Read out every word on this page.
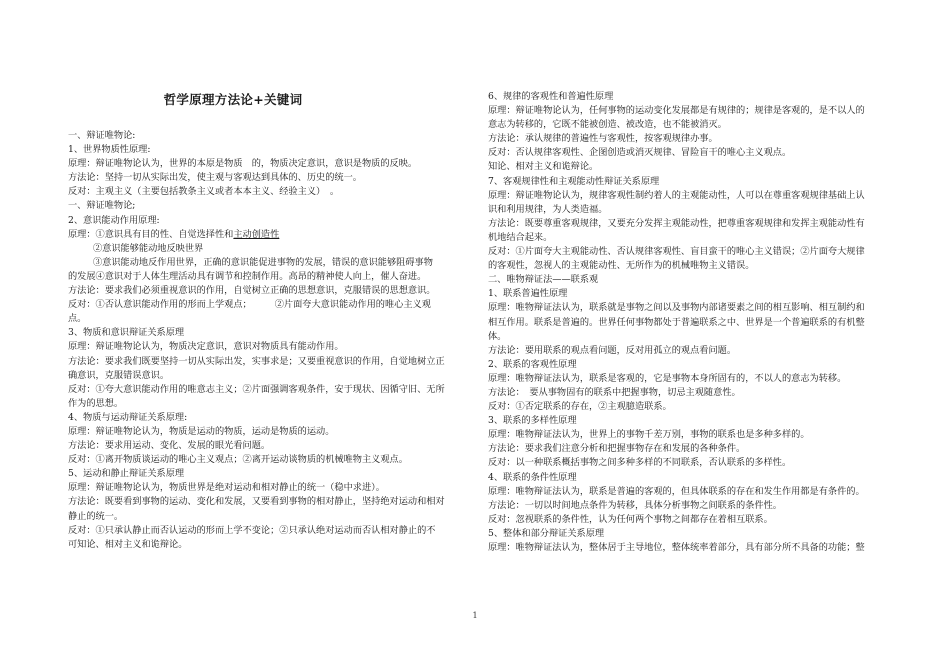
哲学原理方法论+关键词
一、辩证唯物论:
1、世界物质性原理:
原理：辩证唯物论认为，世界的本原是物质　的，物质决定意识，意识是物质的反映。
方法论：坚持一切从实际出发，使主观与客观达到具体的、历史的统一。
反对：主观主义（主要包括教条主义或者本本主义、经验主义）　。
一、辩证唯物论;
2、意识能动作用原理:
原理：①意识具有目的性、自觉选择性和主动创造性
②意识能够能动地反映世界
③意识能动地反作用世界，正确的意识能促进事物的发展，错误的意识能够阻碍事物
的发展④意识对于人体生理活动具有调节和控制作用。高昂的精神使人向上，催人奋进。
方法论：要求我们必须重视意识的作用，自觉树立正确的思想意识，克服错误的思想意识。
反对：①否认意识能动作用的形而上学观点；　　　②片面夸大意识能动作用的唯心主义观
点。
3、物质和意识辩证关系原理
原理：辩证唯物论认为，物质决定意识，意识对物质具有能动作用。
方法论：要求我们既要坚持一切从实际出发，实事求是；又要重视意识的作用，自觉地树立正
确意识，克服错误意识。
反对：①夸大意识能动作用的唯意志主义；②片面强调客观条件，安于现状、因循守旧、无所
作为的思想。
4、物质与运动辩证关系原理:
原理：辩证唯物论认为，物质是运动的物质，运动是物质的运动。
方法论：要求用运动、变化、发展的眼光看问题。
反对：①离开物质谈运动的唯心主义观点；②离开运动谈物质的机械唯物主义观点。
5、运动和静止辩证关系原理
原理：辩证唯物论认为，物质世界是绝对运动和相对静止的统一（稳中求进）。
方法论：既要看到事物的运动、变化和发展，又要看到事物的相对静止，坚持绝对运动和相对
静止的统一。
反对：①只承认静止而否认运动的形而上学不变论；②只承认绝对运动而否认相对静止的不
可知论、相对主义和诡辩论。
6、规律的客观性和普遍性原理
原理：辩证唯物论认为，任何事物的运动变化发展都是有规律的；规律是客观的，是不以人的
意志为转移的，它既不能被创造、被改造，也不能被消灭。
方法论：承认规律的普遍性与客观性，按客观规律办事。
反对：否认规律客观性、企图创造或消灭规律、冒险盲干的唯心主义观点。
知论、相对主义和诡辩论。
7、客观规律性和主观能动性辩证关系原理
原理：辩证唯物论认为，规律客观性制约着人的主观能动性，人可以在尊重客观规律基础上认
识和利用规律，为人类造福。
方法论：既要尊重客观规律，又要充分发挥主观能动性，把尊重客观规律和发挥主观能动性有
机地结合起来。
反对：①片面夸大主观能动性、否认规律客观性、盲目蛮干的唯心主义错误；②片面夸大规律
的客观性，忽视人的主观能动性、无所作为的机械唯物主义错误。
二、唯物辩证法——联系观
1、联系普遍性原理
原理：唯物辩证法认为，联系就是事物之间以及事物内部诸要素之间的相互影响、相互制约和
相互作用。联系是普遍的。世界任何事物都处于普遍联系之中、世界是一个普遍联系的有机整
体。
方法论：要用联系的观点看问题，反对用孤立的观点看问题。
2、联系的客观性原理
原理：唯物辩证法认为，联系是客观的，它是事物本身所固有的，不以人的意志为转移。
方法论：　要从事物固有的联系中把握事物，切忌主观随意性。
反对：①否定联系的存在，②主观臆造联系。
3、联系的多样性原理
原理：唯物辩证法认为，世界上的事物千差万别，事物的联系也是多种多样的。
方法论：要求我们注意分析和把握事物存在和发展的各种条件。
反对：以一种联系概括事物之间多种多样的不同联系，否认联系的多样性。
4、联系的条件性原理
原理：唯物辩证法认为，联系是普遍的客观的，但具体联系的存在和发生作用都是有条件的。
方法论：一切以时间地点条件为转移，具体分析事物之间联系的条件性。
反对：忽视联系的条件性，认为任何两个事物之间都存在着相互联系。
5、整体和部分辩证关系原理
原理：唯物辩证法认为，整体居于主导地位，整体统率着部分，具有部分所不具备的功能；整
1
